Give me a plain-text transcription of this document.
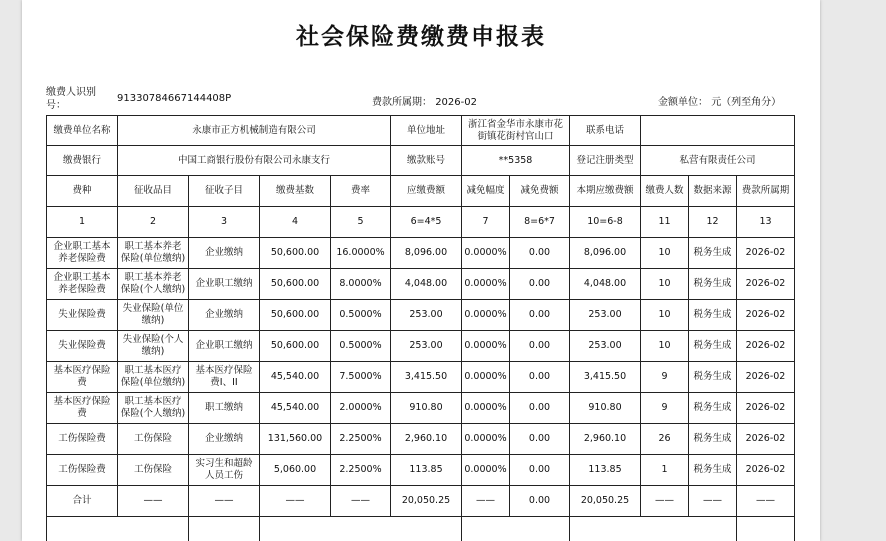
社会保险费缴费申报表
缴费人识别号：
91330784667144408P	费款所属期： 2026-02	金额单位： 元（列至角分）
缴费单位名称	永康市正方机械制造有限公司				单位地址	浙江省金华市永康市花街镇花街村官山口		联系电话			
缴费银行	中国工商银行股份有限公司永康支行				缴款账号	**5358		登记注册类型	私营有限责任公司		
费种	征收品目	征收子目	缴费基数	费率	应缴费额	减免幅度	减免费额	本期应缴费额	缴费人数	数据来源	费款所属期
1	2	3	4	5	6=4*5	7	8=6*7	10=6-8	11	12	13
企业职工基本养老保险费	职工基本养老保险(单位缴纳)	企业缴纳	50,600.00	16.0000%	8,096.00	0.0000%	0.00	8,096.00	10	税务生成	2026-02
企业职工基本养老保险费	职工基本养老保险(个人缴纳)	企业职工缴纳	50,600.00	8.0000%	4,048.00	0.0000%	0.00	4,048.00	10	税务生成	2026-02
失业保险费	失业保险(单位缴纳)	企业缴纳	50,600.00	0.5000%	253.00	0.0000%	0.00	253.00	10	税务生成	2026-02
失业保险费	失业保险(个人缴纳)	企业职工缴纳	50,600.00	0.5000%	253.00	0.0000%	0.00	253.00	10	税务生成	2026-02
基本医疗保险费	职工基本医疗保险(单位缴纳)	基本医疗保险费I、II	45,540.00	7.5000%	3,415.50	0.0000%	0.00	3,415.50	9	税务生成	2026-02
基本医疗保险费	职工基本医疗保险(个人缴纳)	职工缴纳	45,540.00	2.0000%	910.80	0.0000%	0.00	910.80	9	税务生成	2026-02
工伤保险费	工伤保险	企业缴纳	131,560.00	2.2500%	2,960.10	0.0000%	0.00	2,960.10	26	税务生成	2026-02
工伤保险费	工伤保险	实习生和超龄人员工伤	5,060.00	2.2500%	113.85	0.0000%	0.00	113.85	1	税务生成	2026-02
合计	——	——	——	——	20,050.25	——	0.00	20,050.25	——	——	——
